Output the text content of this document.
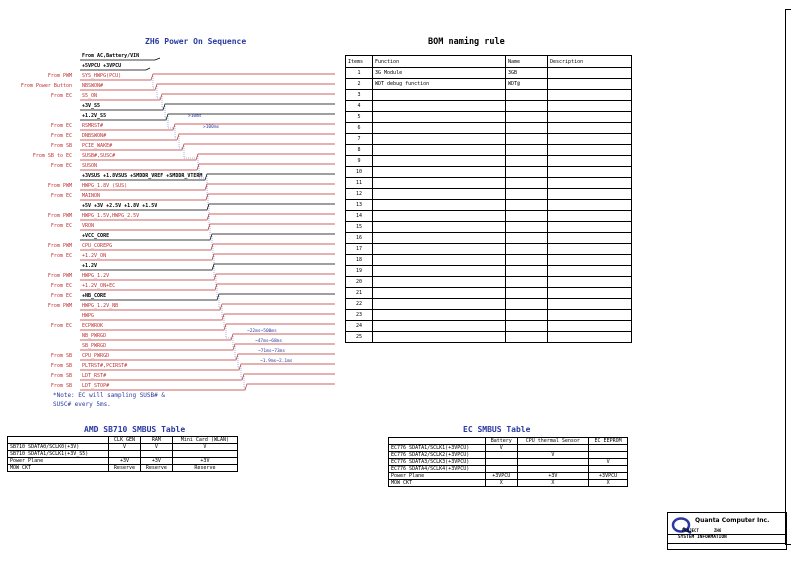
ZH6 Power On Sequence
From AC,Battery/VIN
+5VPCU +3VPCU
From PWM SYS_HWPG(PCU)
From Power Button NBSWON#
From EC S5_ON
+3V_S5
+1.2V_S5
From EC RSMRST#
From EC DNBSWON#
From SB PCIE_WAKE#
From SB to EC SUSB#,SUSC#
From EC SUSON
+3VSUS +1.8VSUS +SMDDR_VREF +SMDDR_VTERM
From PWM HWPG_1.8V (SUS)
From EC MAINON
+5V +3V +2.5V +1.8V +1.5V
From PWM HWPG_1.5V,HWPG_2.5V
From EC VRON
+VCC_CORE
From PWM CPU_COREPG
From EC +1.2V_ON
+1.2V
From PWM HWPG_1.2V
From EC +1.2V_ON+EC
From EC +NB_CORE
From PWM HWPG_1.2V_NB
HWPG
From EC ECPWROK
NB_PWRGD
SB_PWRGD
From SB CPU_PWRGD
From SB PLTRST#,PCIRST#
From SB LDT_RST#
From SB LDT_STOP#
>10ms
>100ms
~22ms~500ms
~47ms~68ms
~71ms~73ms
~1.9ms~2.1ms
*Note: EC will sampling SUSB# &
SUSC# every 5ms.
BOM naming rule
Items	Function	Name	Description
1	3G Module	3GB	
2	WDT debug function	WDT@	
3			
4			
5			
6			
7			
8			
9			
10			
11			
12			
13			
14			
15			
16			
17			
18			
19			
20			
21			
22			
23			
24			
25			
AMD SB710 SMBUS Table
	CLK GEN	RAM	Mini Card (WLAN)
SB710 SDATA0/SCLK0(+3V)	V	V	V
SB710 SDATA1/SCLK1(+3V_S5)			
Power Plane	+3V	+3V	+3V
MOW CKT	Reserve	Reserve	Reserve
EC SMBUS Table
	Battery	CPU thermal Sensor	EC EEPROM
EC776 SDATA1/SCLK1(+3VPCU)	V		
EC776 SDATA2/SCLK2(+3VPCU)		V	
EC776 SDATA3/SCLK3(+3VPCU)			V
EC776 SDATA4/SCLK4(+3VPCU)			
Power Plane	+3VPCU	+3V	+3VPCU
MOW CKT	X	X	X
Quanta Computer Inc.
PROJECT	ZH6
SYSTEM INFORMATION
